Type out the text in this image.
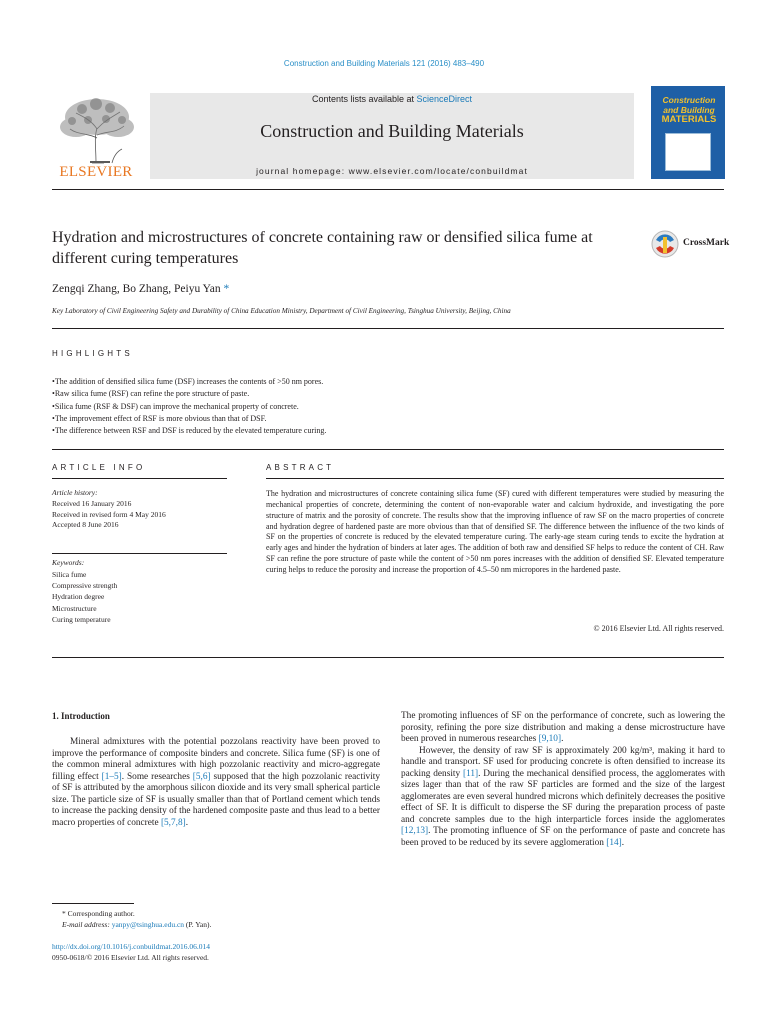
Construction and Building Materials 121 (2016) 483–490
ELSEVIER
Contents lists available at ScienceDirect
Construction and Building Materials
journal homepage: www.elsevier.com/locate/conbuildmat
Construction
and Building
MATERIALS
Hydration and microstructures of concrete containing raw or densified silica fume at different curing temperatures
CrossMark
Zengqi Zhang, Bo Zhang, Peiyu Yan *
Key Laboratory of Civil Engineering Safety and Durability of China Education Ministry, Department of Civil Engineering, Tsinghua University, Beijing, China
HIGHLIGHTS
• The addition of densified silica fume (DSF) increases the contents of >50 nm pores.
• Raw silica fume (RSF) can refine the pore structure of paste.
• Silica fume (RSF & DSF) can improve the mechanical property of concrete.
• The improvement effect of RSF is more obvious than that of DSF.
• The difference between RSF and DSF is reduced by the elevated temperature curing.
ARTICLE INFO
Article history:
Received 16 January 2016
Received in revised form 4 May 2016
Accepted 8 June 2016
Keywords:
Silica fume
Compressive strength
Hydration degree
Microstructure
Curing temperature
ABSTRACT
The hydration and microstructures of concrete containing silica fume (SF) cured with different temperatures were studied by measuring the mechanical properties of concrete, determining the content of non-evaporable water and calcium hydroxide, and investigating the pore structure of matrix and the porosity of concrete. The results show that the improving influence of raw SF on the macro properties of concrete and hydration degree of hardened paste are more obvious than that of densified SF. The difference between the influence of the two kinds of SF on the properties of concrete is reduced by the elevated temperature curing. The early-age steam curing tends to excite the hydration at early ages and hinder the hydration of binders at later ages. The addition of both raw and densified SF helps to reduce the content of CH. Raw SF can refine the pore structure of paste while the content of >50 nm pores increases with the addition of densified SF. Elevated temperature curing helps to reduce the porosity and increase the proportion of 4.5–50 nm micropores in the hardened paste.
© 2016 Elsevier Ltd. All rights reserved.
1. Introduction

Mineral admixtures with the potential pozzolans reactivity have been proved to improve the performance of composite binders and concrete. Silica fume (SF) is one of the common mineral admixtures with high pozzolanic reactivity and micro-aggregate filling effect [1–5]. Some researches [5,6] supposed that the high pozzolanic reactivity of SF is attributed by the amorphous silicon dioxide and its very small spherical particle size. The particle size of SF is usually smaller than that of Portland cement which tends to increase the packing density of the hardened composite paste and thus lead to a better macro properties of concrete [5,7,8].

The promoting influences of SF on the performance of concrete, such as lowering the porosity, refining the pore size distribution and making a dense microstructure have been proved in numerous researches [9,10].

However, the density of raw SF is approximately 200 kg/m³, making it hard to handle and transport. SF used for producing concrete is often densified to increase its packing density [11]. During the mechanical densified process, the agglomerates with sizes lager than that of the raw SF particles are formed and the size of the largest agglomerates are even several hundred microns which definitely decreases the positive effect of SF. It is difficult to disperse the SF during the preparation process of paste and concrete samples due to the high interparticle forces inside the agglomerates [12,13]. The promoting influence of SF on the performance of paste and concrete has been proved to be reduced by its severe agglomeration [14].

* Corresponding author.
E-mail address: yanpy@tsinghua.edu.cn (P. Yan).
http://dx.doi.org/10.1016/j.conbuildmat.2016.06.014
0950-0618/© 2016 Elsevier Ltd. All rights reserved.
